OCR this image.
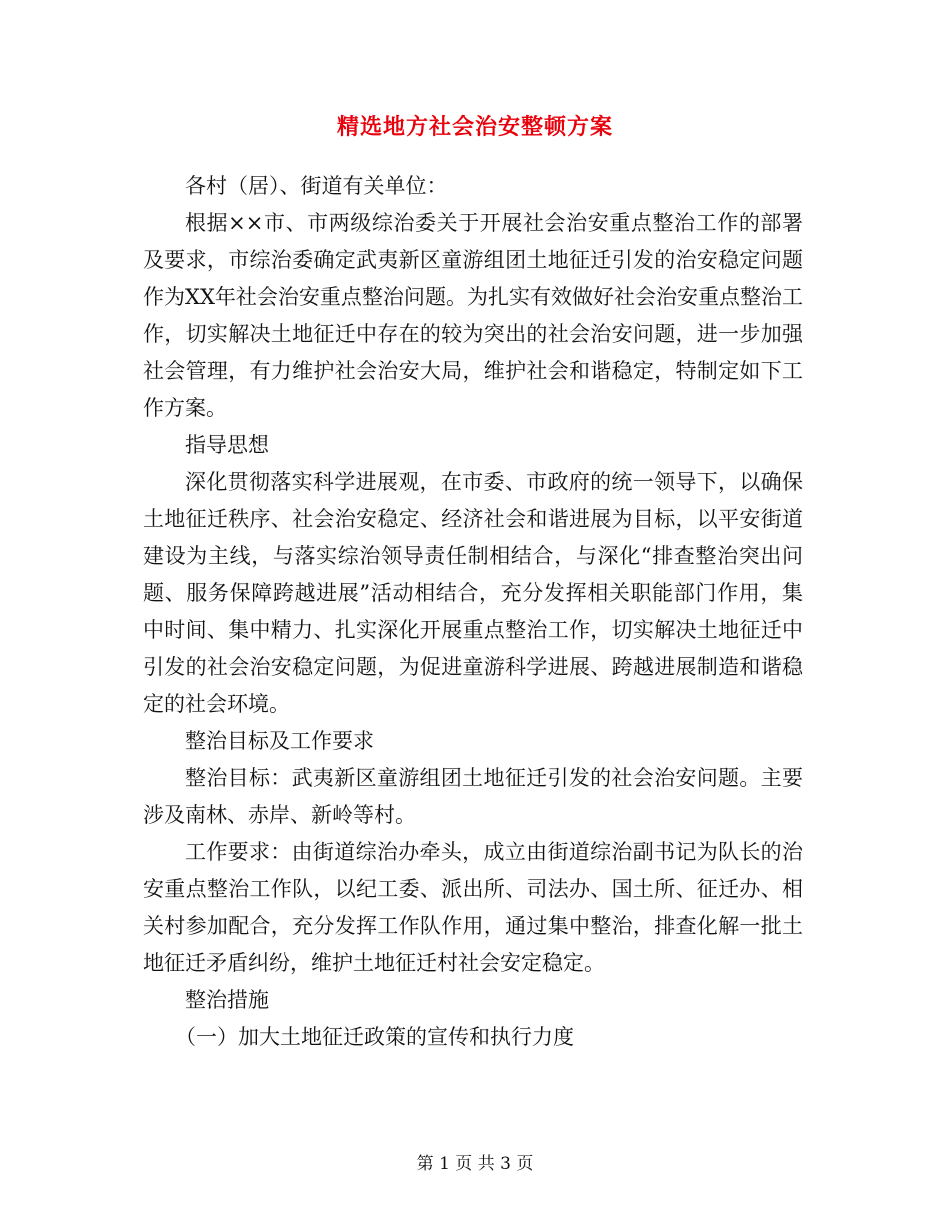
精选地方社会治安整顿方案

各村（居）、街道有关单位：

根据××市、市两级综治委关于开展社会治安重点整治工作的部署及要求，市综治委确定武夷新区童游组团土地征迁引发的治安稳定问题作为XX年社会治安重点整治问题。为扎实有效做好社会治安重点整治工作，切实解决土地征迁中存在的较为突出的社会治安问题，进一步加强社会管理，有力维护社会治安大局，维护社会和谐稳定，特制定如下工作方案。

指导思想

深化贯彻落实科学进展观，在市委、市政府的统一领导下，以确保土地征迁秩序、社会治安稳定、经济社会和谐进展为目标，以平安街道建设为主线，与落实综治领导责任制相结合，与深化“排查整治突出问题、服务保障跨越进展”活动相结合，充分发挥相关职能部门作用，集中时间、集中精力、扎实深化开展重点整治工作，切实解决土地征迁中引发的社会治安稳定问题，为促进童游科学进展、跨越进展制造和谐稳定的社会环境。

整治目标及工作要求

整治目标：武夷新区童游组团土地征迁引发的社会治安问题。主要涉及南林、赤岸、新岭等村。

工作要求：由街道综治办牵头，成立由街道综治副书记为队长的治安重点整治工作队，以纪工委、派出所、司法办、国土所、征迁办、相关村参加配合，充分发挥工作队作用，通过集中整治，排查化解一批土地征迁矛盾纠纷，维护土地征迁村社会安定稳定。

整治措施

（一）加大土地征迁政策的宣传和执行力度

第 1 页 共 3 页
